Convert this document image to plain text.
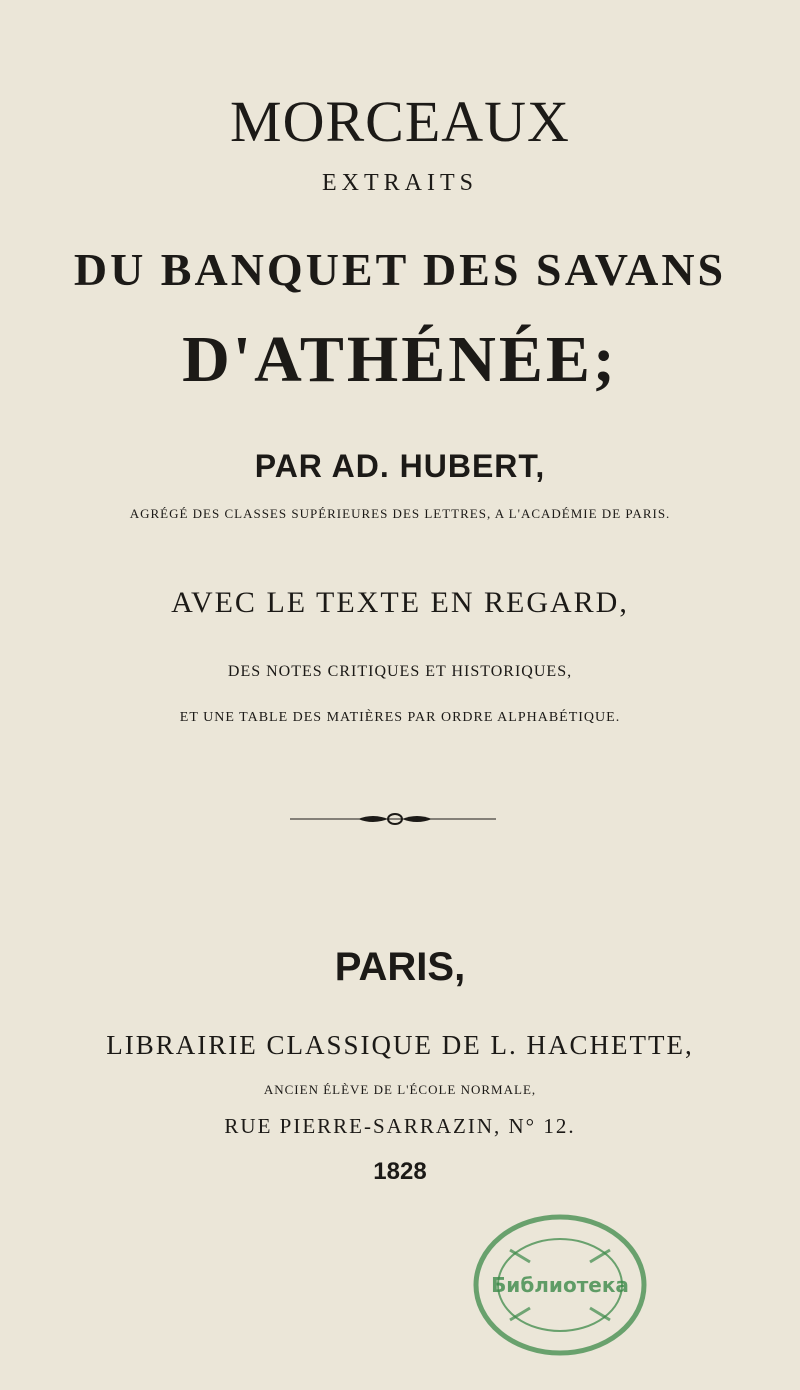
MORCEAUX
EXTRAITS
DU BANQUET DES SAVANS
D'ATHÉNÉE;
PAR AD. HUBERT,
AGRÉGÉ DES CLASSES SUPÉRIEURES DES LETTRES, A L'ACADÉMIE DE PARIS.
AVEC LE TEXTE EN REGARD,
DES NOTES CRITIQUES ET HISTORIQUES,
ET UNE TABLE DES MATIÈRES PAR ORDRE ALPHABÉTIQUE.
PARIS,
LIBRAIRIE CLASSIQUE DE L. HACHETTE,
ANCIEN ÉLÈVE DE L'ÉCOLE NORMALE,
RUE PIERRE-SARRAZIN, N° 12.
1828
Библиотека
